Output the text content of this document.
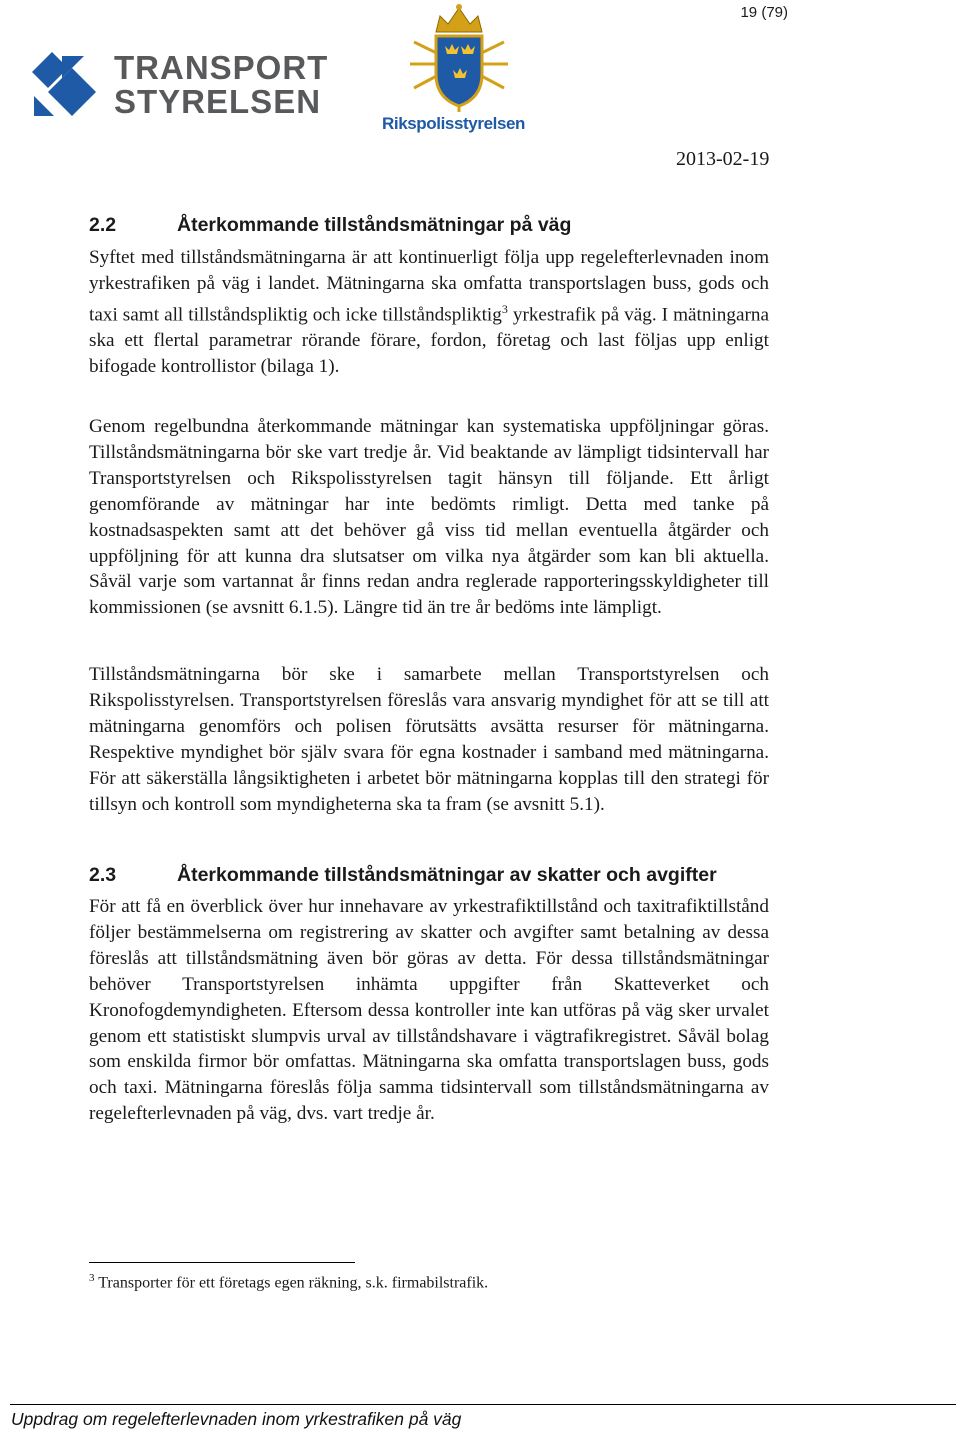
19 (79)
TRANSPORT
STYRELSEN
Rikspolisstyrelsen
2013-02-19
2.2	Återkommande tillståndsmätningar på väg

Syftet med tillståndsmätningarna är att kontinuerligt följa upp regelefterlevnaden inom yrkestrafiken på väg i landet. Mätningarna ska omfatta transportslagen buss, gods och taxi samt all tillståndspliktig och icke tillståndspliktig$^3$ yrkestrafik på väg. I mätningarna ska ett flertal parametrar rörande förare, fordon, företag och last följas upp enligt bifogade kontrollistor (bilaga 1).

Genom regelbundna återkommande mätningar kan systematiska uppföljningar göras. Tillståndsmätningarna bör ske vart tredje år. Vid beaktande av lämpligt tidsintervall har Transportstyrelsen och Rikspolisstyrelsen tagit hänsyn till följande. Ett årligt genomförande av mätningar har inte bedömts rimligt. Detta med tanke på kostnadsaspekten samt att det behöver gå viss tid mellan eventuella åtgärder och uppföljning för att kunna dra slutsatser om vilka nya åtgärder som kan bli aktuella. Såväl varje som vartannat år finns redan andra reglerade rapporteringsskyldigheter till kommissionen (se avsnitt 6.1.5). Längre tid än tre år bedöms inte lämpligt.

Tillståndsmätningarna bör ske i samarbete mellan Transportstyrelsen och Rikspolisstyrelsen. Transportstyrelsen föreslås vara ansvarig myndighet för att se till att mätningarna genomförs och polisen förutsätts avsätta resurser för mätningarna. Respektive myndighet bör själv svara för egna kostnader i samband med mätningarna. För att säkerställa långsiktigheten i arbetet bör mätningarna kopplas till den strategi för tillsyn och kontroll som myndigheterna ska ta fram (se avsnitt 5.1).

2.3	Återkommande tillståndsmätningar av skatter och avgifter

För att få en överblick över hur innehavare av yrkestrafiktillstånd och taxitrafiktillstånd följer bestämmelserna om registrering av skatter och avgifter samt betalning av dessa föreslås att tillståndsmätning även bör göras av detta. För dessa tillståndsmätningar behöver Transportstyrelsen inhämta uppgifter från Skatteverket och Kronofogdemyndigheten. Eftersom dessa kontroller inte kan utföras på väg sker urvalet genom ett statistiskt slumpvis urval av tillståndshavare i vägtrafikregistret. Såväl bolag som enskilda firmor bör omfattas. Mätningarna ska omfatta transportslagen buss, gods och taxi. Mätningarna föreslås följa samma tidsintervall som tillståndsmätningarna av regelefterlevnaden på väg, dvs. vart tredje år.

$^3$ Transporter för ett företags egen räkning, s.k. firmabilstrafik.
Uppdrag om regelefterlevnaden inom yrkestrafiken på väg
